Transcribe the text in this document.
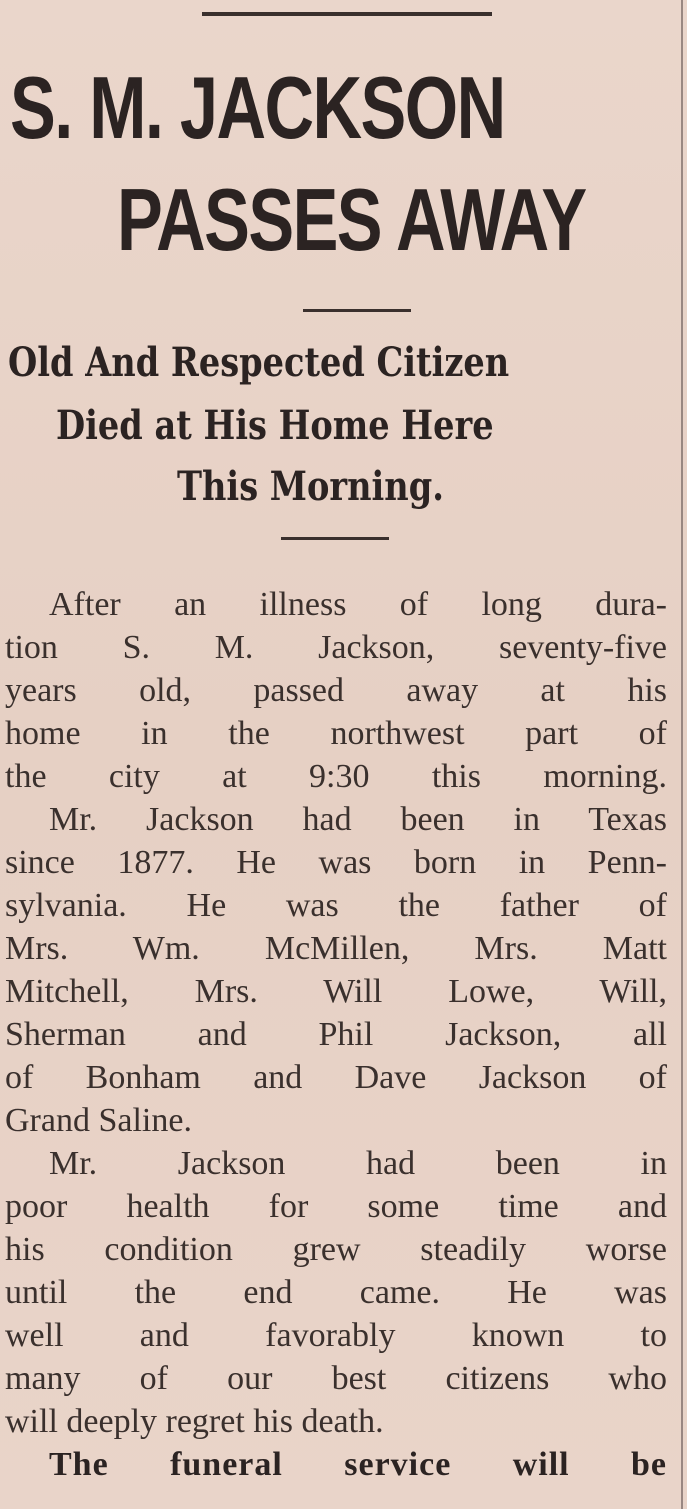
S. M. JACKSON
PASSES AWAY
Old And Respected Citizen
Died at His Home Here
This Morning.

After an illness of long dura-
tion S. M. Jackson, seventy-five
years old, passed away at his
home in the northwest part of
the city at 9:30 this morning.

Mr. Jackson had been in Texas
since 1877. He was born in Penn-
sylvania. He was the father of
Mrs. Wm. McMillen, Mrs. Matt
Mitchell, Mrs. Will Lowe, Will,
Sherman and Phil Jackson, all
of Bonham and Dave Jackson of
Grand Saline.

Mr. Jackson had been in
poor health for some time and
his condition grew steadily worse
until the end came. He was
well and favorably known to
many of our best citizens who
will deeply regret his death.

The funeral service will be
